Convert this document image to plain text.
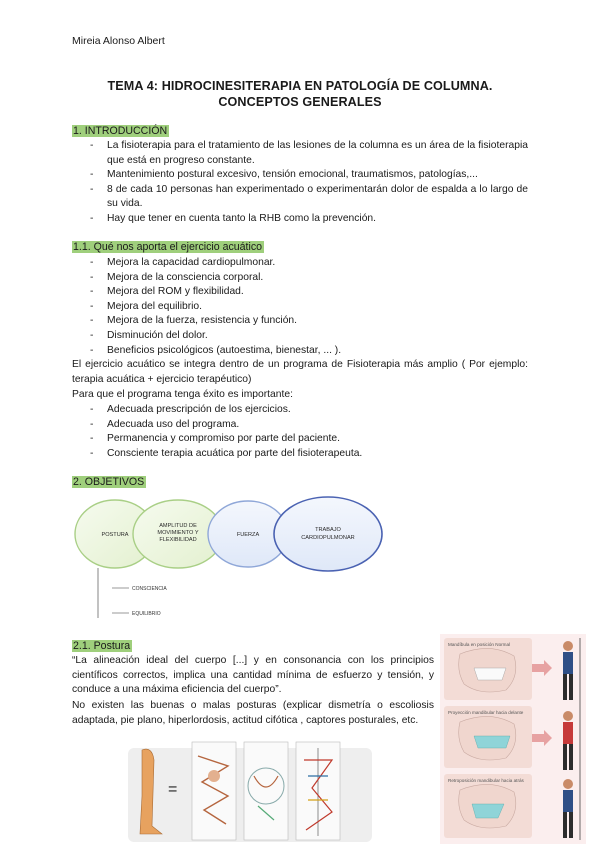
Mireia Alonso Albert
TEMA 4: HIDROCINESITERAPIA EN PATOLOGÍA DE COLUMNA.
CONCEPTOS GENERALES
1. INTRODUCCIÓN
- La fisioterapia para el tratamiento de las lesiones de la columna es un área de la fisioterapia que está en progreso constante.
- Mantenimiento postural excesivo, tensión emocional, traumatismos, patologías,...
- 8 de cada 10 personas han experimentado o experimentarán dolor de espalda a lo largo de su vida.
- Hay que tener en cuenta tanto la RHB como la prevención.
1.1. Qué nos aporta el ejercicio acuático
- Mejora la capacidad cardiopulmonar.
- Mejora de la consciencia corporal.
- Mejora del ROM y flexibilidad.
- Mejora del equilibrio.
- Mejora de la fuerza, resistencia y función.
- Disminución del dolor.
- Beneficios psicológicos (autoestima, bienestar, ... ).
El ejercicio acuático se integra dentro de un programa de Fisioterapia más amplio ( Por ejemplo: terapia acuática + ejercicio terapéutico)
Para que el programa tenga éxito es importante:
- Adecuada prescripción de los ejercicios.
- Adecuada uso del programa.
- Permanencia y compromiso por parte del paciente.
- Consciente terapia acuática por parte del fisioterapeuta.
2. OBJETIVOS
POSTURA
AMPLITUD DE
MOVIMIENTO Y
FLEXIBILIDAD
FUERZA
TRABAJO
CARDIOPULMONAR
CONSCIENCIA
EQUILIBRIO
2.1. Postura
“La alineación ideal del cuerpo [...] y en consonancia con los principios científicos correctos, implica una cantidad mínima de esfuerzo y tensión, y conduce a una máxima eficiencia del cuerpo”.
No existen las buenas o malas posturas (explicar dismetría o escoliosis adaptada, pie plano, hiperlordosis, actitud cifótica , captores posturales, etc.
Mandíbula en posición Normal
Proyección mandibular hacia delante
Retroposición mandibular hacia atrás
=
